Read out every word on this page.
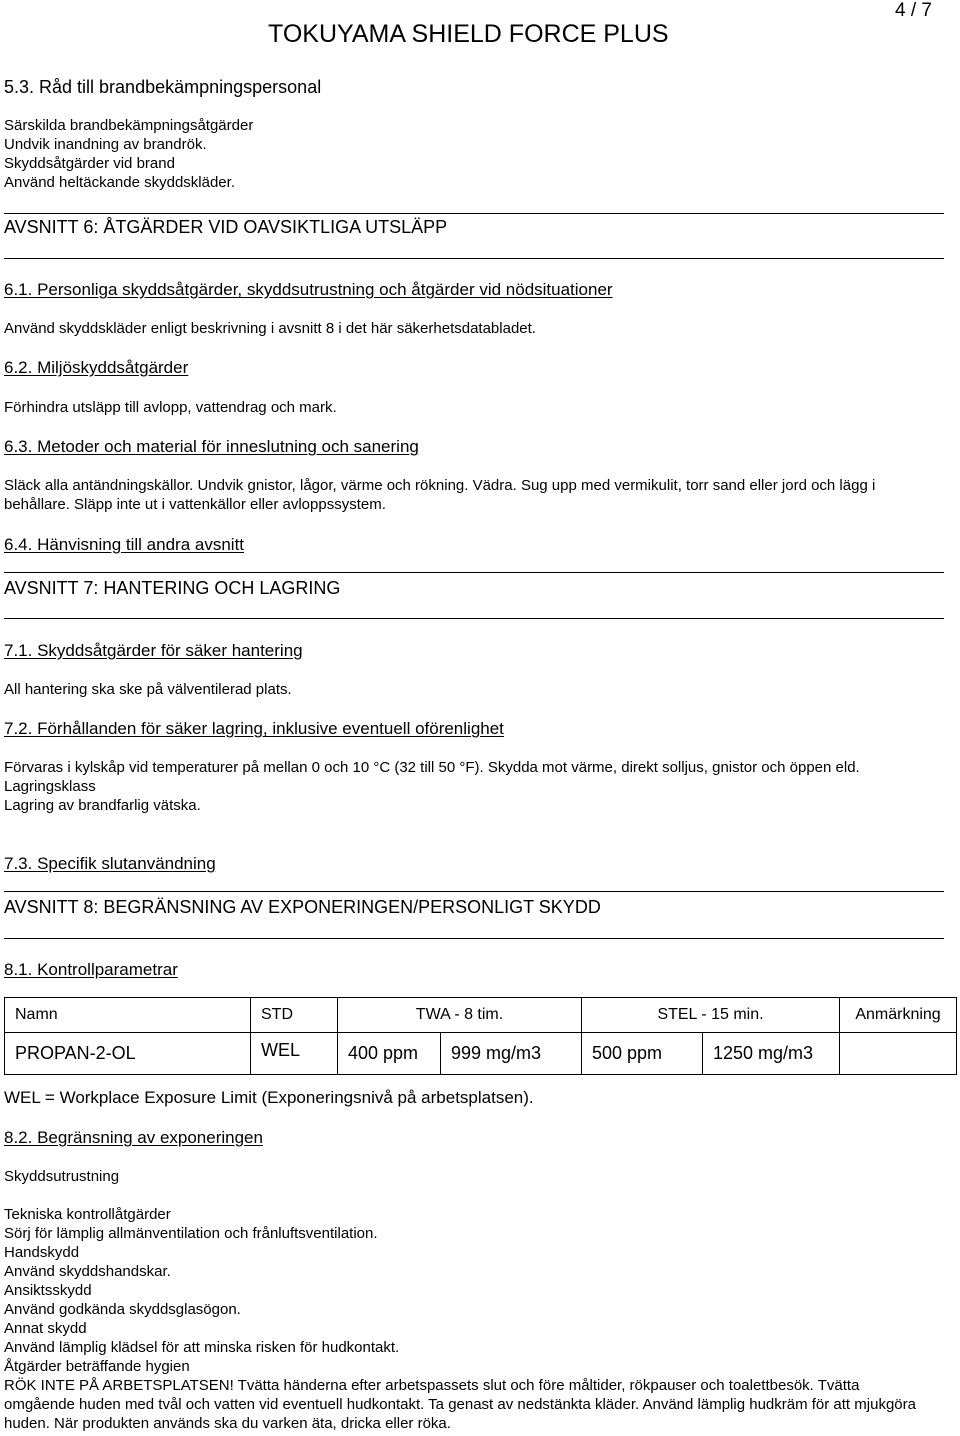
4 / 7
TOKUYAMA SHIELD FORCE PLUS
5.3. Råd till brandbekämpningspersonal
Särskilda brandbekämpningsåtgärder
Undvik inandning av brandrök.
Skyddsåtgärder vid brand
Använd heltäckande skyddskläder.
AVSNITT 6: ÅTGÄRDER VID OAVSIKTLIGA UTSLÄPP
6.1. Personliga skyddsåtgärder, skyddsutrustning och åtgärder vid nödsituationer
Använd skyddskläder enligt beskrivning i avsnitt 8 i det här säkerhetsdatabladet.
6.2. Miljöskyddsåtgärder
Förhindra utsläpp till avlopp, vattendrag och mark.
6.3. Metoder och material för inneslutning och sanering
Släck alla antändningskällor. Undvik gnistor, lågor, värme och rökning. Vädra. Sug upp med vermikulit, torr sand eller jord och lägg i behållare. Släpp inte ut i vattenkällor eller avloppssystem.
6.4. Hänvisning till andra avsnitt
AVSNITT 7: HANTERING OCH LAGRING
7.1. Skyddsåtgärder för säker hantering
All hantering ska ske på välventilerad plats.
7.2. Förhållanden för säker lagring, inklusive eventuell oförenlighet
Förvaras i kylskåp vid temperaturer på mellan 0 och 10 °C (32 till 50 °F). Skydda mot värme, direkt solljus, gnistor och öppen eld.
Lagringsklass
Lagring av brandfarlig vätska.
7.3. Specifik slutanvändning
AVSNITT 8: BEGRÄNSNING AV EXPONERINGEN/PERSONLIGT SKYDD
8.1. Kontrollparametrar
Namn	STD	TWA - 8 tim.		STEL - 15 min.		Anmärkning
PROPAN-2-OL	WEL	400 ppm	999 mg/m3	500 ppm	1250 mg/m3	
WEL = Workplace Exposure Limit (Exponeringsnivå på arbetsplatsen).
8.2. Begränsning av exponeringen
Skyddsutrustning
Tekniska kontrollåtgärder
Sörj för lämplig allmänventilation och frånluftsventilation.
Handskydd
Använd skyddshandskar.
Ansiktsskydd
Använd godkända skyddsglasögon.
Annat skydd
Använd lämplig klädsel för att minska risken för hudkontakt.
Åtgärder beträffande hygien
RÖK INTE PÅ ARBETSPLATSEN! Tvätta händerna efter arbetspassets slut och före måltider, rökpauser och toalettbesök. Tvätta omgående huden med tvål och vatten vid eventuell hudkontakt. Ta genast av nedstänkta kläder. Använd lämplig hudkräm för att mjukgöra huden. När produkten används ska du varken äta, dricka eller röka.
